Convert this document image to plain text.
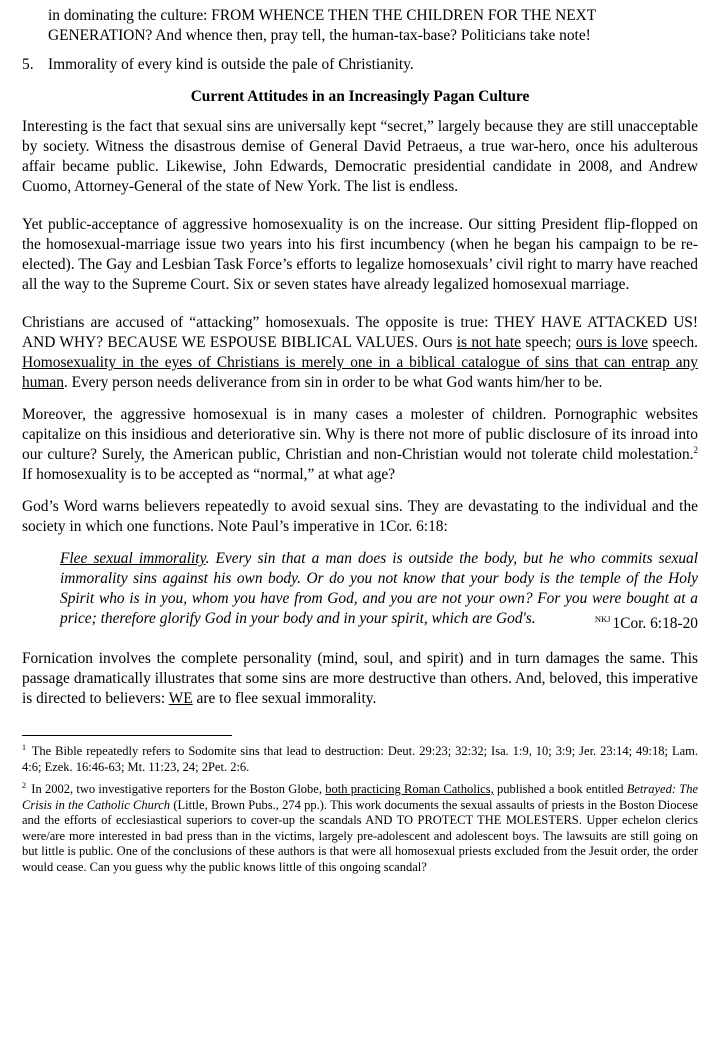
in dominating the culture: FROM WHENCE THEN THE CHILDREN FOR THE NEXT

GENERATION? And whence then, pray tell, the human-tax-base? Politicians take note!

5. Immorality of every kind is outside the pale of Christianity.

Current Attitudes in an Increasingly Pagan Culture

Interesting is the fact that sexual sins are universally kept “secret,” largely because they are still unacceptable by society. Witness the disastrous demise of General David Petraeus, a true war-hero, once his adulterous affair became public. Likewise, John Edwards, Democratic presidential candidate in 2008, and Andrew Cuomo, Attorney-General of the state of New York. The list is endless.

Yet public-acceptance of aggressive homosexuality is on the increase. Our sitting President flip-flopped on the homosexual-marriage issue two years into his first incumbency (when he began his campaign to be re-elected). The Gay and Lesbian Task Force’s efforts to legalize homosexuals’ civil right to marry have reached all the way to the Supreme Court. Six or seven states have already legalized homosexual marriage.

Christians are accused of “attacking” homosexuals. The opposite is true: THEY HAVE ATTACKED US! AND WHY? BECAUSE WE ESPOUSE BIBLICAL VALUES. Ours is not hate speech; ours is love speech. Homosexuality in the eyes of Christians is merely one in a biblical catalogue of sins that can entrap any human. Every person needs deliverance from sin in order to be what God wants him/her to be.

Moreover, the aggressive homosexual is in many cases a molester of children. Pornographic websites capitalize on this insidious and deteriorative sin. Why is there not more of public disclosure of its inroad into our culture? Surely, the American public, Christian and non-Christian would not tolerate child molestation.$^2$ If homosexuality is to be accepted as “normal,” at what age?

God’s Word warns believers repeatedly to avoid sexual sins. They are devastating to the individual and the society in which one functions. Note Paul’s imperative in 1Cor. 6:18:

Flee sexual immorality. Every sin that a man does is outside the body, but he who commits sexual immorality sins against his own body. Or do you not know that your body is the temple of the Holy Spirit who is in you, whom you have from God, and you are not your own? For you were bought at a price; therefore glorify God in your body and in your spirit, which are God's.	$^{NKJ}$ 1Cor. 6:18-20

Fornication involves the complete personality (mind, soul, and spirit) and in turn damages the same. This passage dramatically illustrates that some sins are more destructive than others. And, beloved, this imperative is directed to believers: WE are to flee sexual immorality.

$^1$ The Bible repeatedly refers to Sodomite sins that lead to destruction: Deut. 29:23; 32:32; Isa. 1:9, 10; 3:9; Jer. 23:14; 49:18; Lam. 4:6; Ezek. 16:46-63; Mt. 11:23, 24; 2Pet. 2:6.

$^2$ In 2002, two investigative reporters for the Boston Globe, both practicing Roman Catholics, published a book entitled Betrayed: The Crisis in the Catholic Church (Little, Brown Pubs., 274 pp.). This work documents the sexual assaults of priests in the Boston Diocese and the efforts of ecclesiastical superiors to cover-up the scandals AND TO PROTECT THE MOLESTERS. Upper echelon clerics were/are more interested in bad press than in the victims, largely pre-adolescent and adolescent boys. The lawsuits are still going on but little is public. One of the conclusions of these authors is that were all homosexual priests excluded from the Jesuit order, the order would cease. Can you guess why the public knows little of this ongoing scandal?
